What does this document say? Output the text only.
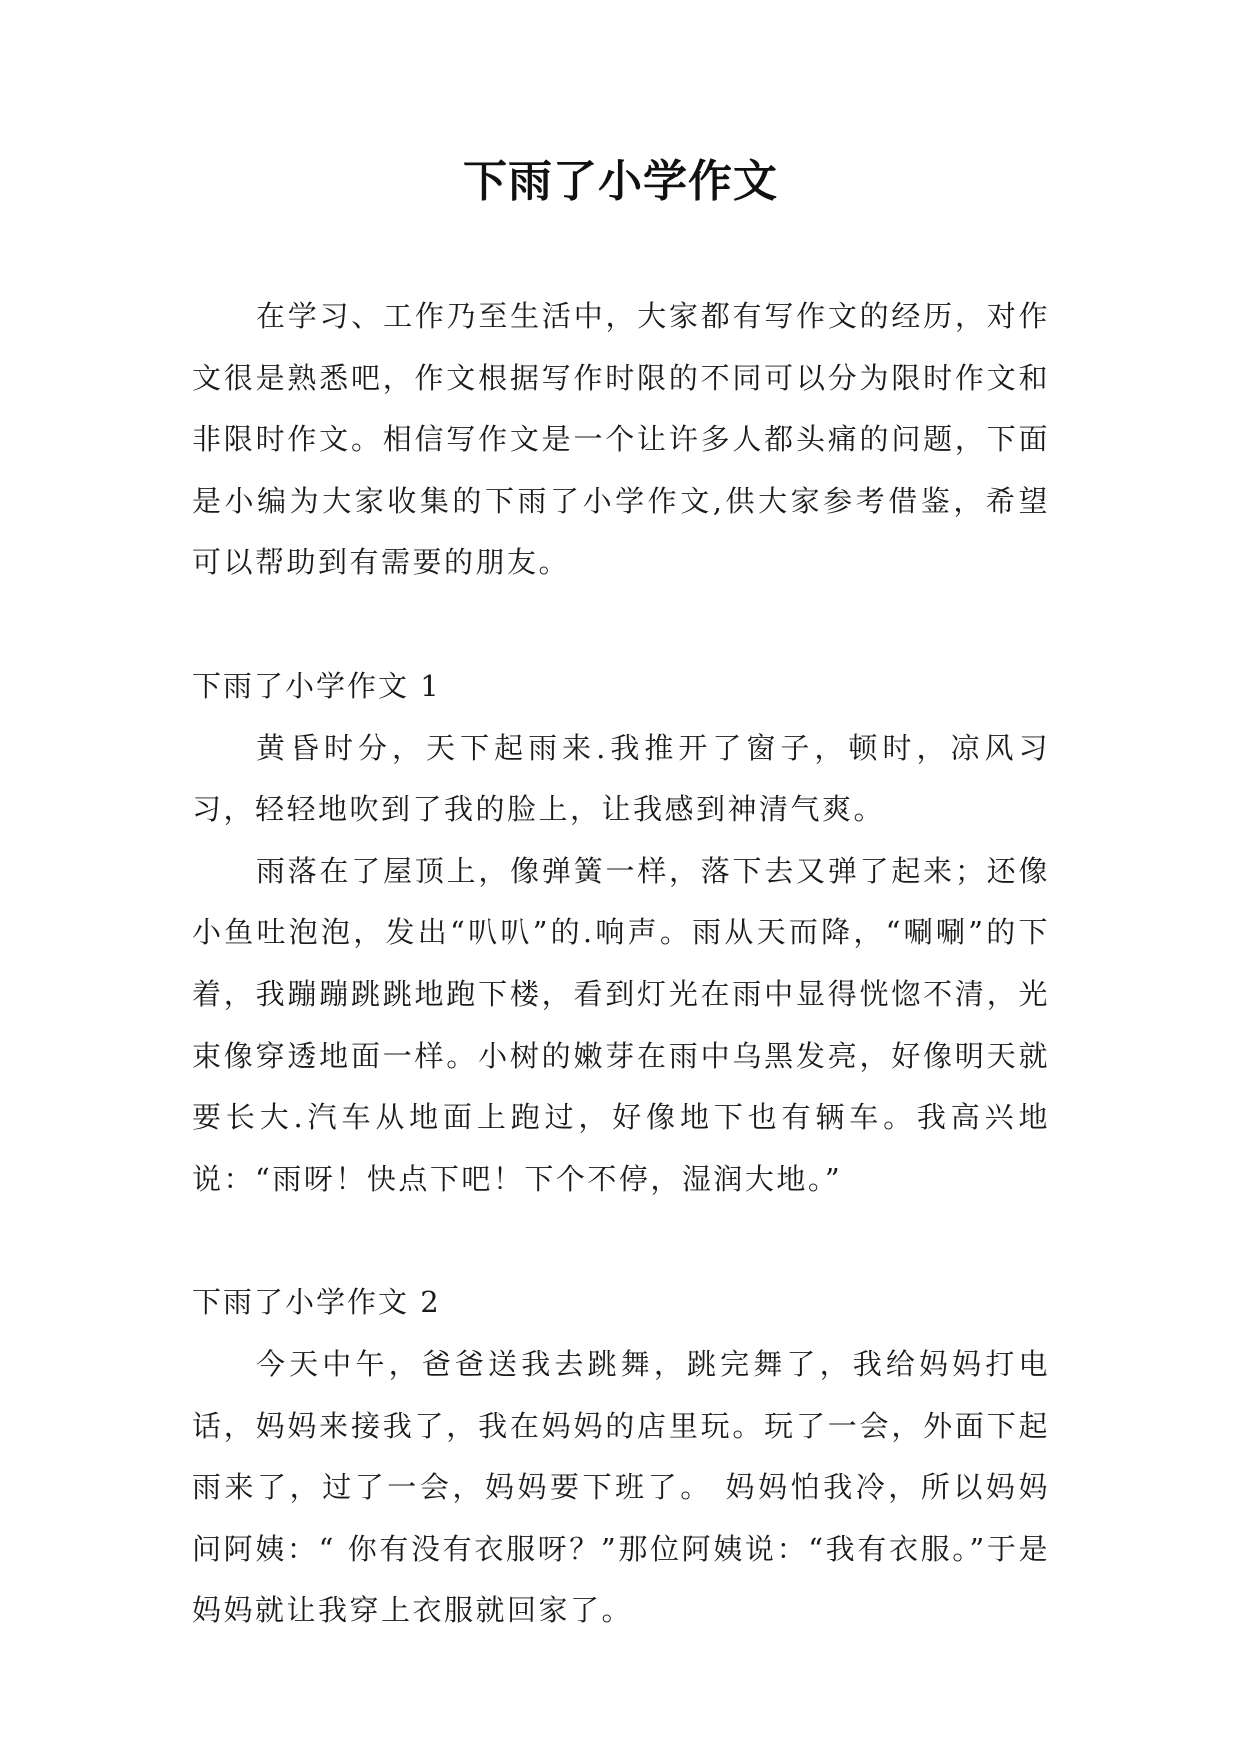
下雨了小学作文

在学习、工作乃至生活中，大家都有写作文的经历，对作文很是熟悉吧，作文根据写作时限的不同可以分为限时作文和非限时作文。相信写作文是一个让许多人都头痛的问题，下面是小编为大家收集的下雨了小学作文,供大家参考借鉴，希望可以帮助到有需要的朋友。

下雨了小学作文 1

黄昏时分，天下起雨来.我推开了窗子，顿时，凉风习习，轻轻地吹到了我的脸上，让我感到神清气爽。

雨落在了屋顶上，像弹簧一样，落下去又弹了起来；还像小鱼吐泡泡，发出“叭叭”的.响声。雨从天而降，“唰唰”的下着，我蹦蹦跳跳地跑下楼，看到灯光在雨中显得恍惚不清，光束像穿透地面一样。小树的嫩芽在雨中乌黑发亮，好像明天就要长大.汽车从地面上跑过，好像地下也有辆车。我高兴地说：“雨呀！快点下吧！下个不停，湿润大地。”

下雨了小学作文 2

今天中午，爸爸送我去跳舞，跳完舞了，我给妈妈打电话，妈妈来接我了，我在妈妈的店里玩。玩了一会，外面下起雨来了，过了一会，妈妈要下班了。 妈妈怕我冷，所以妈妈问阿姨：“ 你有没有衣服呀？”那位阿姨说：“我有衣服。”于是妈妈就让我穿上衣服就回家了。
